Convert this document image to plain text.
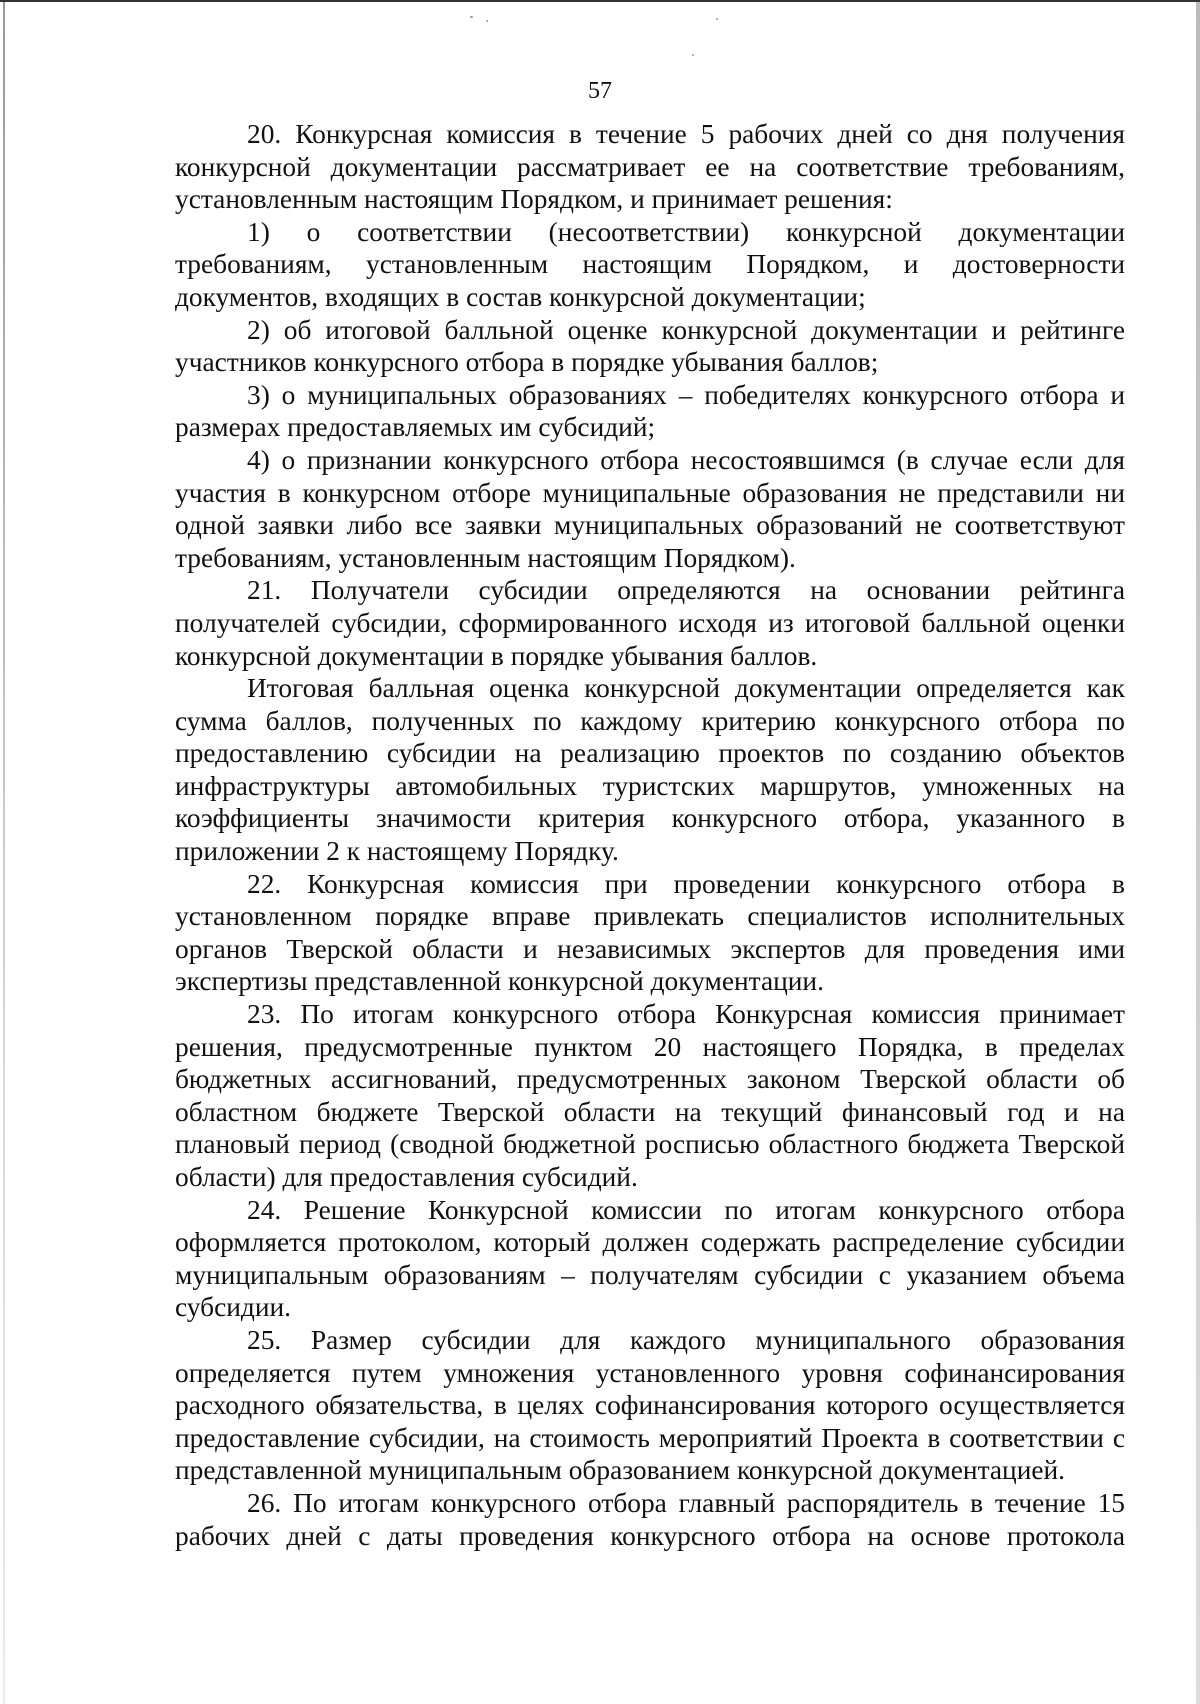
57

20. Конкурсная комиссия в течение 5 рабочих дней со дня получения конкурсной документации рассматривает ее на соответствие требованиям, установленным настоящим Порядком, и принимает решения:

1) о соответствии (несоответствии) конкурсной документации требованиям, установленным настоящим Порядком, и достоверности документов, входящих в состав конкурсной документации;

2) об итоговой балльной оценке конкурсной документации и рейтинге участников конкурсного отбора в порядке убывания баллов;

3) о муниципальных образованиях – победителях конкурсного отбора и размерах предоставляемых им субсидий;

4) о признании конкурсного отбора несостоявшимся (в случае если для участия в конкурсном отборе муниципальные образования не представили ни одной заявки либо все заявки муниципальных образований не соответствуют требованиям, установленным настоящим Порядком).

21. Получатели субсидии определяются на основании рейтинга получателей субсидии, сформированного исходя из итоговой балльной оценки конкурсной документации в порядке убывания баллов.

Итоговая балльная оценка конкурсной документации определяется как сумма баллов, полученных по каждому критерию конкурсного отбора по предоставлению субсидии на реализацию проектов по созданию объектов инфраструктуры автомобильных туристских маршрутов, умноженных на коэффициенты значимости критерия конкурсного отбора, указанного в приложении 2 к настоящему Порядку.

22. Конкурсная комиссия при проведении конкурсного отбора в установленном порядке вправе привлекать специалистов исполнительных органов Тверской области и независимых экспертов для проведения ими экспертизы представленной конкурсной документации.

23. По итогам конкурсного отбора Конкурсная комиссия принимает решения, предусмотренные пунктом 20 настоящего Порядка, в пределах бюджетных ассигнований, предусмотренных законом Тверской области об областном бюджете Тверской области на текущий финансовый год и на плановый период (сводной бюджетной росписью областного бюджета Тверской области) для предоставления субсидий.

24. Решение Конкурсной комиссии по итогам конкурсного отбора оформляется протоколом, который должен содержать распределение субсидии муниципальным образованиям – получателям субсидии с указанием объема субсидии.

25. Размер субсидии для каждого муниципального образования определяется путем умножения установленного уровня софинансирования расходного обязательства, в целях софинансирования которого осуществляется предоставление субсидии, на стоимость мероприятий Проекта в соответствии с представленной муниципальным образованием конкурсной документацией.

26. По итогам конкурсного отбора главный распорядитель в течение 15 рабочих дней с даты проведения конкурсного отбора на основе протокола
